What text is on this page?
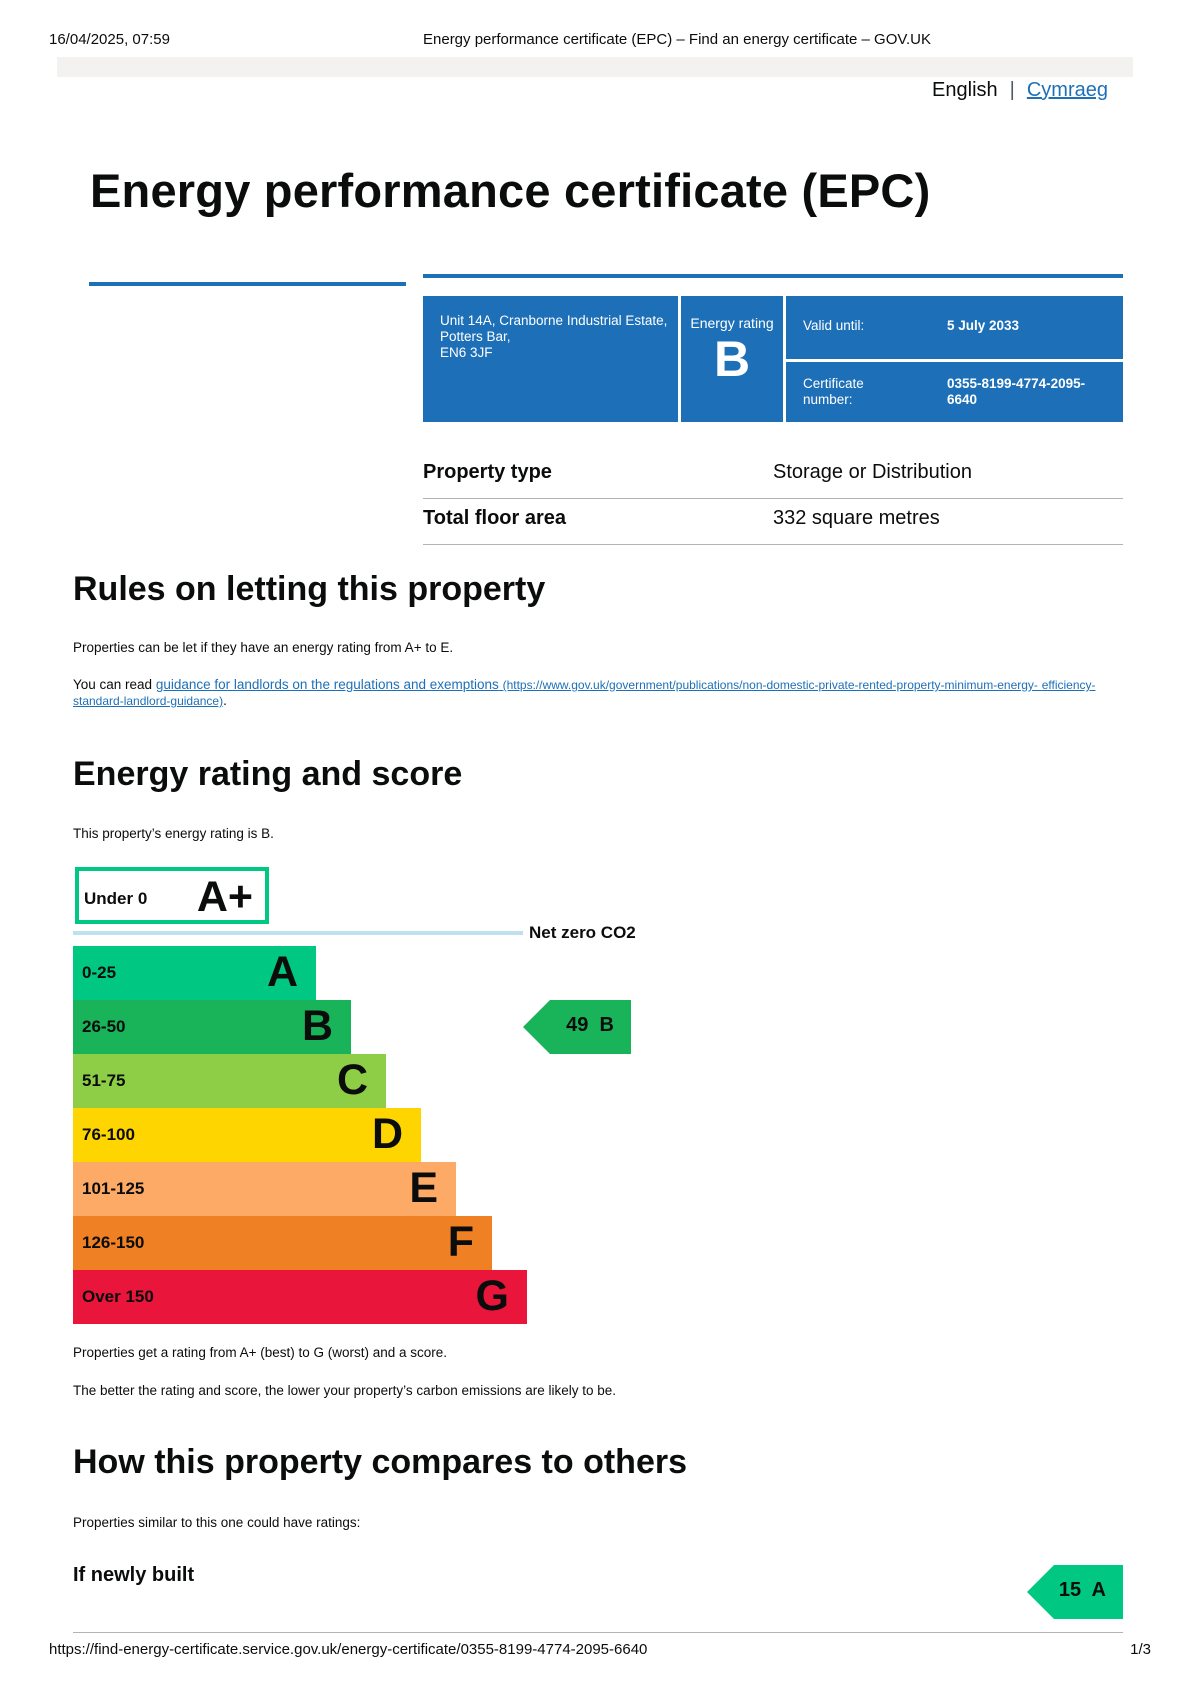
16/04/2025, 07:59	Energy performance certificate (EPC) – Find an energy certificate – GOV.UK
English | Cymraeg
Energy performance certificate (EPC)
Unit 14A, Cranborne Industrial Estate,
Potters Bar,
EN6 3JF
Energy rating
B
Valid until:	5 July 2033
Certificate
number:
0355-8199-4774-2095-
6640
Property type	Storage or Distribution
Total floor area	332 square metres
Rules on letting this property

Properties can be let if they have an energy rating from A+ to E.

You can read guidance for landlords on the regulations and exemptions (https://www.gov.uk/government/publications/non-domestic-private-rented-property-minimum-energy- efficiency-standard-landlord-guidance).

Energy rating and score

This property’s energy rating is B.

Under 0 A+
Net zero CO2
0-25	A
26-50	B
51-75	C
76-100	D
101-125	E
126-150	F
Over 150	G
49 B

Properties get a rating from A+ (best) to G (worst) and a score.

The better the rating and score, the lower your property’s carbon emissions are likely to be.

How this property compares to others

Properties similar to this one could have ratings:

If newly built
15 A
https://find-energy-certificate.service.gov.uk/energy-certificate/0355-8199-4774-2095-6640	1/3
